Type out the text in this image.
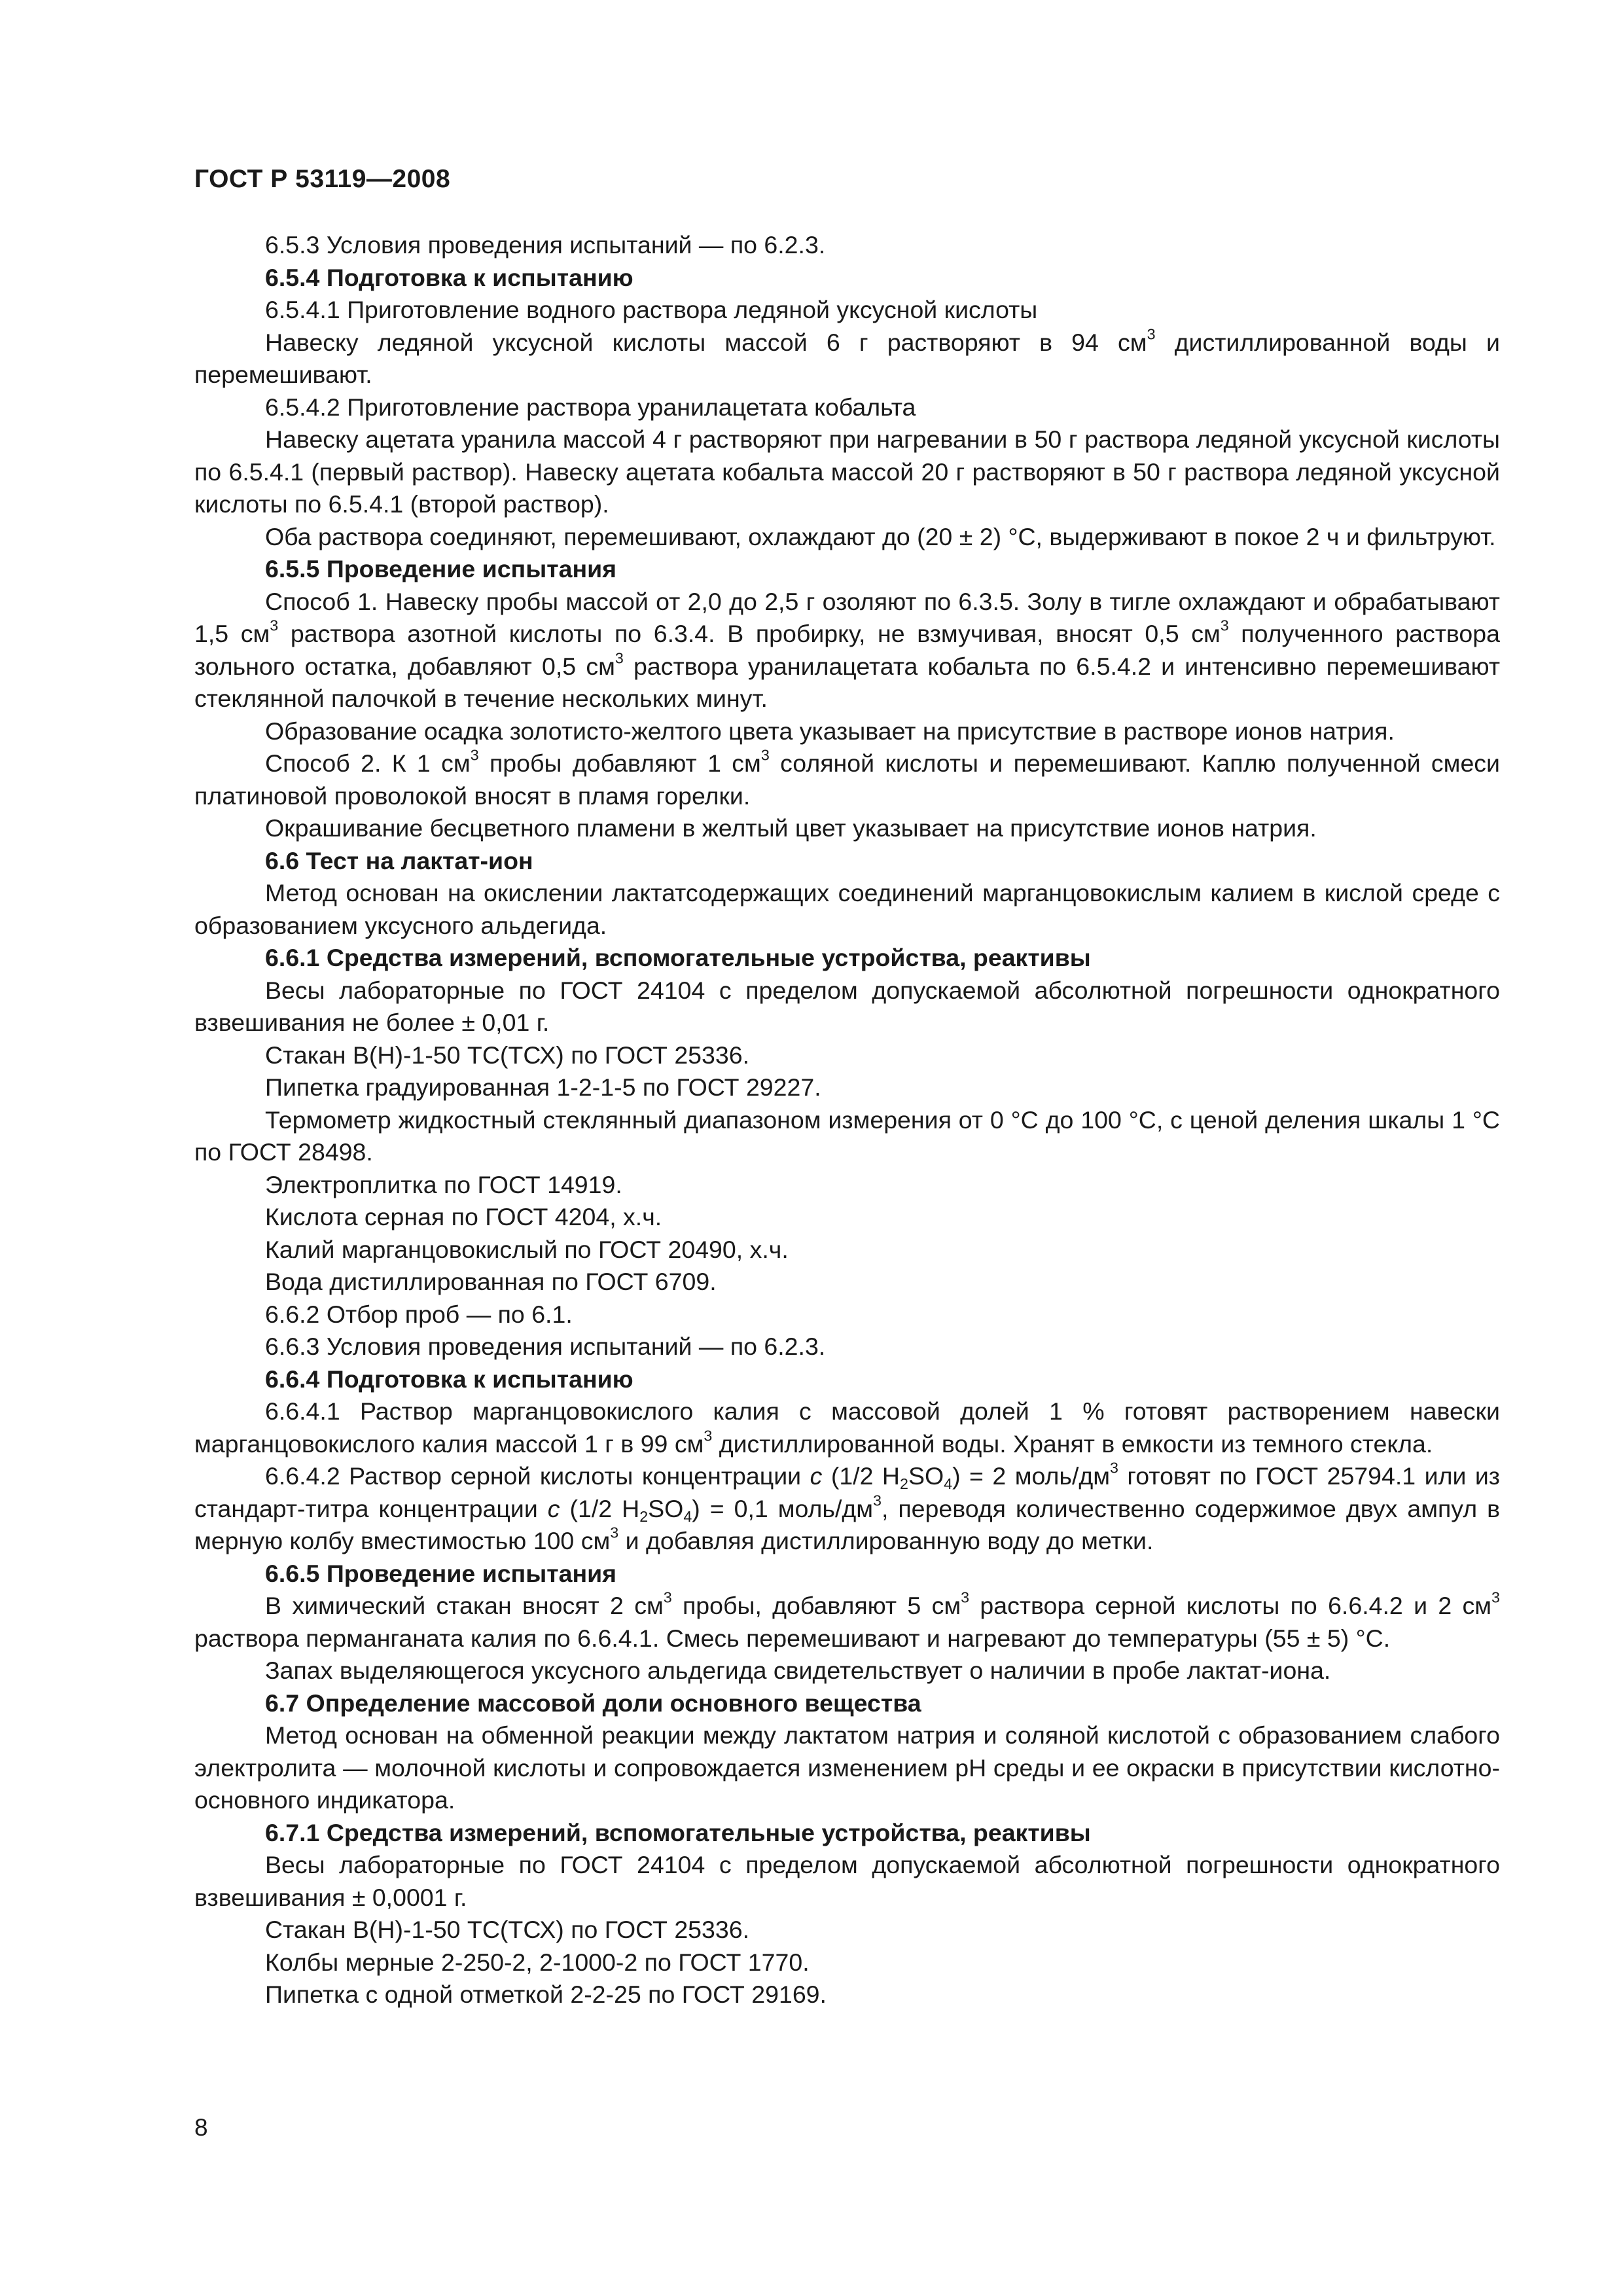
ГОСТ Р 53119—2008

6.5.3 Условия проведения испытаний — по 6.2.3.

6.5.4 Подготовка к испытанию

6.5.4.1 Приготовление водного раствора ледяной уксусной кислоты

Навеску ледяной уксусной кислоты массой 6 г растворяют в 94 $см^3$ дистиллированной воды и перемешивают.

6.5.4.2 Приготовление раствора уранилацетата кобальта

Навеску ацетата уранила массой 4 г растворяют при нагревании в 50 г раствора ледяной уксусной кислоты по 6.5.4.1 (первый раствор). Навеску ацетата кобальта массой 20 г растворяют в 50 г раствора ледяной уксусной кислоты по 6.5.4.1 (второй раствор).

Оба раствора соединяют, перемешивают, охлаждают до (20 ± 2) °С, выдерживают в покое 2 ч и фильтруют.

6.5.5 Проведение испытания

Способ 1. Навеску пробы массой от 2,0 до 2,5 г озоляют по 6.3.5. Золу в тигле охлаждают и обрабатывают 1,5 $см^3$ раствора азотной кислоты по 6.3.4. В пробирку, не взмучивая, вносят 0,5 $см^3$ полученного раствора зольного остатка, добавляют 0,5 $см^3$ раствора уранилацетата кобальта по 6.5.4.2 и интенсивно перемешивают стеклянной палочкой в течение нескольких минут.

Образование осадка золотисто-желтого цвета указывает на присутствие в растворе ионов натрия.

Способ 2. К 1 $см^3$ пробы добавляют 1 $см^3$ соляной кислоты и перемешивают. Каплю полученной смеси платиновой проволокой вносят в пламя горелки.

Окрашивание бесцветного пламени в желтый цвет указывает на присутствие ионов натрия.

6.6 Тест на лактат-ион

Метод основан на окислении лактатсодержащих соединений марганцовокислым калием в кислой среде с образованием уксусного альдегида.

6.6.1 Средства измерений, вспомогательные устройства, реактивы

Весы лабораторные по ГОСТ 24104 с пределом допускаемой абсолютной погрешности однократного взвешивания не более ± 0,01 г.

Стакан В(Н)-1-50 ТС(ТСХ) по ГОСТ 25336.

Пипетка градуированная 1-2-1-5 по ГОСТ 29227.

Термометр жидкостный стеклянный диапазоном измерения от 0 °С до 100 °С, с ценой деления шкалы 1 °С по ГОСТ 28498.

Электроплитка по ГОСТ 14919.

Кислота серная по ГОСТ 4204, х.ч.

Калий марганцовокислый по ГОСТ 20490, х.ч.

Вода дистиллированная по ГОСТ 6709.

6.6.2 Отбор проб — по 6.1.

6.6.3 Условия проведения испытаний — по 6.2.3.

6.6.4 Подготовка к испытанию

6.6.4.1 Раствор марганцовокислого калия с массовой долей 1 % готовят растворением навески марганцовокислого калия массой 1 г в 99 $см^3$ дистиллированной воды. Хранят в емкости из темного стекла.

6.6.4.2 Раствор серной кислоты концентрации c (1/2 $H_2SO_4) = 2$ моль/$дм^3$ готовят по ГОСТ 25794.1 или из стандарт-титра концентрации c (1/2 $H_2SO_4) = 0,1$ моль/$дм^3$, переводя количественно содержимое двух ампул в мерную колбу вместимостью 100 $см^3$ и добавляя дистиллированную воду до метки.

6.6.5 Проведение испытания

В химический стакан вносят 2 $см^3$ пробы, добавляют 5 $см^3$ раствора серной кислоты по 6.6.4.2 и 2 $см^3$ раствора перманганата калия по 6.6.4.1. Смесь перемешивают и нагревают до температуры (55 ± 5) °С.

Запах выделяющегося уксусного альдегида свидетельствует о наличии в пробе лактат-иона.

6.7 Определение массовой доли основного вещества

Метод основан на обменной реакции между лактатом натрия и соляной кислотой с образованием слабого электролита — молочной кислоты и сопровождается изменением рН среды и ее окраски в присутствии кислотно-основного индикатора.

6.7.1 Средства измерений, вспомогательные устройства, реактивы

Весы лабораторные по ГОСТ 24104 с пределом допускаемой абсолютной погрешности однократного взвешивания ± 0,0001 г.

Стакан В(Н)-1-50 ТС(ТСХ) по ГОСТ 25336.

Колбы мерные 2-250-2, 2-1000-2 по ГОСТ 1770.

Пипетка с одной отметкой 2-2-25 по ГОСТ 29169.

8
